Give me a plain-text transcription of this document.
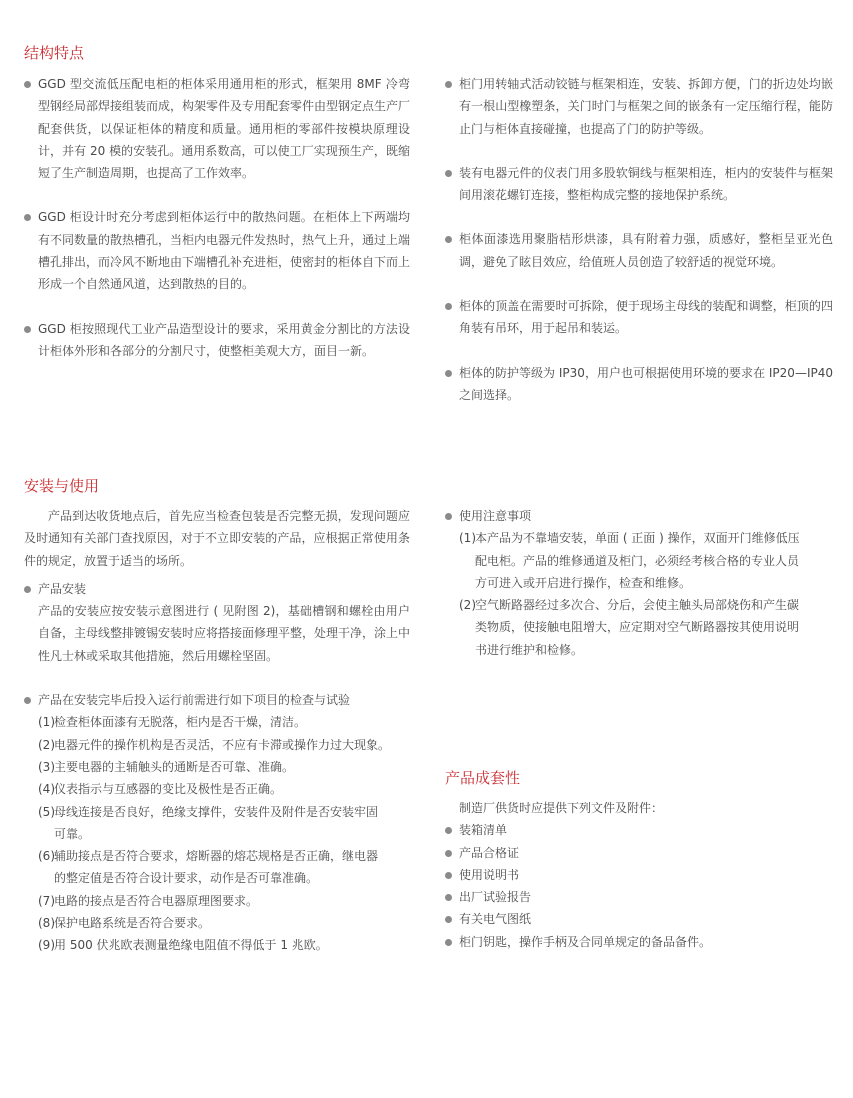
结构特点
GGD 型交流低压配电柜的柜体采用通用柜的形式，框架用 8MF 冷弯型钢经局部焊接组装而成，构架零件及专用配套零件由型钢定点生产厂配套供货，以保证柜体的精度和质量。通用柜的零部件按模块原理设计，并有 20 模的安装孔。通用系数高，可以使工厂实现预生产，既缩短了生产制造周期，也提高了工作效率。
GGD 柜设计时充分考虑到柜体运行中的散热问题。在柜体上下两端均有不同数量的散热槽孔，当柜内电器元件发热时，热气上升，通过上端槽孔排出，而冷风不断地由下端槽孔补充进柜，使密封的柜体自下而上形成一个自然通风道，达到散热的目的。
GGD 柜按照现代工业产品造型设计的要求，采用黄金分割比的方法设计柜体外形和各部分的分割尺寸，使整柜美观大方，面目一新。
柜门用转轴式活动铰链与框架相连，安装、拆卸方便，门的折边处均嵌有一根山型橡塑条，关门时门与框架之间的嵌条有一定压缩行程，能防止门与柜体直接碰撞，也提高了门的防护等级。
装有电器元件的仪表门用多股软铜线与框架相连，柜内的安装件与框架间用滚花螺钉连接，整柜构成完整的接地保护系统。
柜体面漆选用聚脂桔形烘漆，具有附着力强，质感好，整柜呈亚光色调，避免了眩目效应，给值班人员创造了较舒适的视觉环境。
柜体的顶盖在需要时可拆除，便于现场主母线的装配和调整，柜顶的四角装有吊环，用于起吊和装运。
柜体的防护等级为 IP30，用户也可根据使用环境的要求在 IP20—IP40 之间选择。
安装与使用
产品到达收货地点后，首先应当检查包装是否完整无损，发现问题应及时通知有关部门查找原因，对于不立即安装的产品，应根据正常使用条件的规定，放置于适当的场所。
产品安装
产品的安装应按安装示意图进行 ( 见附图 2)，基础槽钢和螺栓由用户自备，主母线整排镀锡安装时应将搭接面修理平整，处理干净，涂上中性凡士林或采取其他措施，然后用螺栓坚固。
产品在安装完毕后投入运行前需进行如下项目的检查与试验
(1)检查柜体面漆有无脱落，柜内是否干燥，清洁。
(2)电器元件的操作机构是否灵活，不应有卡滞或操作力过大现象。
(3)主要电器的主辅触头的通断是否可靠、准确。
(4)仪表指示与互感器的变比及极性是否正确。
(5)母线连接是否良好，绝缘支撑件，安装件及附件是否安装牢固
可靠。
(6)辅助接点是否符合要求，熔断器的熔芯规格是否正确，继电器
的整定值是否符合设计要求，动作是否可靠准确。
(7)电路的接点是否符合电器原理图要求。
(8)保护电路系统是否符合要求。
(9)用 500 伏兆欧表测量绝缘电阻值不得低于 1 兆欧。
使用注意事项
(1)本产品为不靠墙安装，单面 ( 正面 ) 操作，双面开门维修低压
配电柜。产品的维修通道及柜门，必须经考核合格的专业人员
方可进入或开启进行操作，检查和维修。
(2)空气断路器经过多次合、分后，会使主触头局部烧伤和产生碳
类物质，使接触电阻增大，应定期对空气断路器按其使用说明
书进行维护和检修。
产品成套性
制造厂供货时应提供下列文件及附件：
装箱清单
产品合格证
使用说明书
出厂试验报告
有关电气图纸
柜门钥匙，操作手柄及合同单规定的备品备件。
